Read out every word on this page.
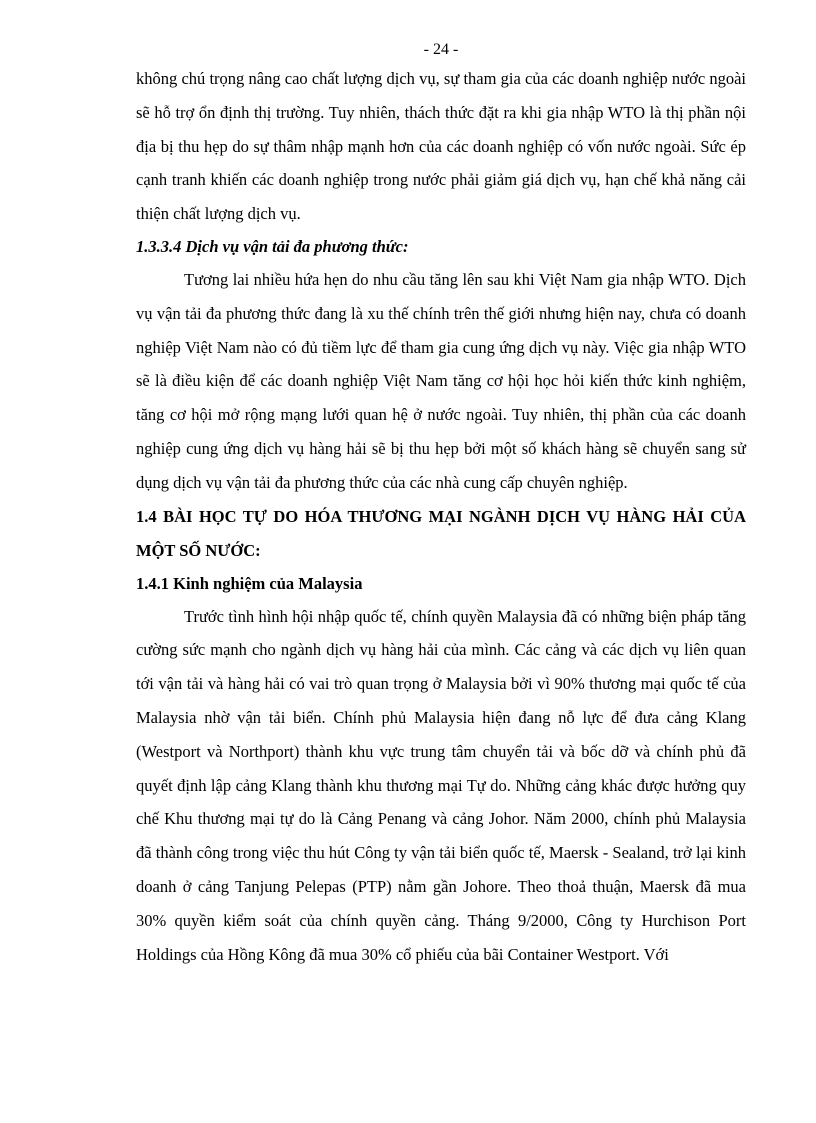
- 24 -

không chú trọng nâng cao chất lượng dịch vụ, sự tham gia của các doanh nghiệp nước ngoài sẽ hỗ trợ ổn định thị trường. Tuy nhiên, thách thức đặt ra khi gia nhập WTO là thị phần nội địa bị thu hẹp do sự thâm nhập mạnh hơn của các doanh nghiệp có vốn nước ngoài. Sức ép cạnh tranh khiến các doanh nghiệp trong nước phải giảm giá dịch vụ, hạn chế khả năng cải thiện chất lượng dịch vụ.

1.3.3.4 Dịch vụ vận tải đa phương thức:

Tương lai nhiều hứa hẹn do nhu cầu tăng lên sau khi Việt Nam gia nhập WTO. Dịch vụ vận tải đa phương thức đang là xu thế chính trên thế giới nhưng hiện nay, chưa có doanh nghiệp Việt Nam nào có đủ tiềm lực để tham gia cung ứng dịch vụ này. Việc gia nhập WTO sẽ là điều kiện để các doanh nghiệp Việt Nam tăng cơ hội học hỏi kiến thức kinh nghiệm, tăng cơ hội mở rộng mạng lưới quan hệ ở nước ngoài. Tuy nhiên, thị phần của các doanh nghiệp cung ứng dịch vụ hàng hải sẽ bị thu hẹp bởi một số khách hàng sẽ chuyển sang sử dụng dịch vụ vận tải đa phương thức của các nhà cung cấp chuyên nghiệp.

1.4 BÀI HỌC TỰ DO HÓA THƯƠNG MẠI NGÀNH DỊCH VỤ HÀNG HẢI CỦA MỘT SỐ NƯỚC:

1.4.1 Kinh nghiệm của Malaysia

Trước tình hình hội nhập quốc tế, chính quyền Malaysia đã có những biện pháp tăng cường sức mạnh cho ngành dịch vụ hàng hải của mình. Các cảng và các dịch vụ liên quan tới vận tải và hàng hải có vai trò quan trọng ở Malaysia bởi vì 90% thương mại quốc tế của Malaysia nhờ vận tải biển. Chính phủ Malaysia hiện đang nỗ lực để đưa cảng Klang (Westport và Northport) thành khu vực trung tâm chuyển tải và bốc dỡ và chính phủ đã quyết định lập cảng Klang thành khu thương mại Tự do. Những cảng khác được hưởng quy chế Khu thương mại tự do là Cảng Penang và cảng Johor. Năm 2000, chính phủ Malaysia đã thành công trong việc thu hút Công ty vận tải biển quốc tế, Maersk - Sealand, trở lại kinh doanh ở cảng Tanjung Pelepas (PTP) nằm gần Johore. Theo thoả thuận, Maersk đã mua 30% quyền kiểm soát của chính quyền cảng. Tháng 9/2000, Công ty Hurchison Port Holdings của Hồng Kông đã mua 30% cổ phiếu của bãi Container Westport. Với
